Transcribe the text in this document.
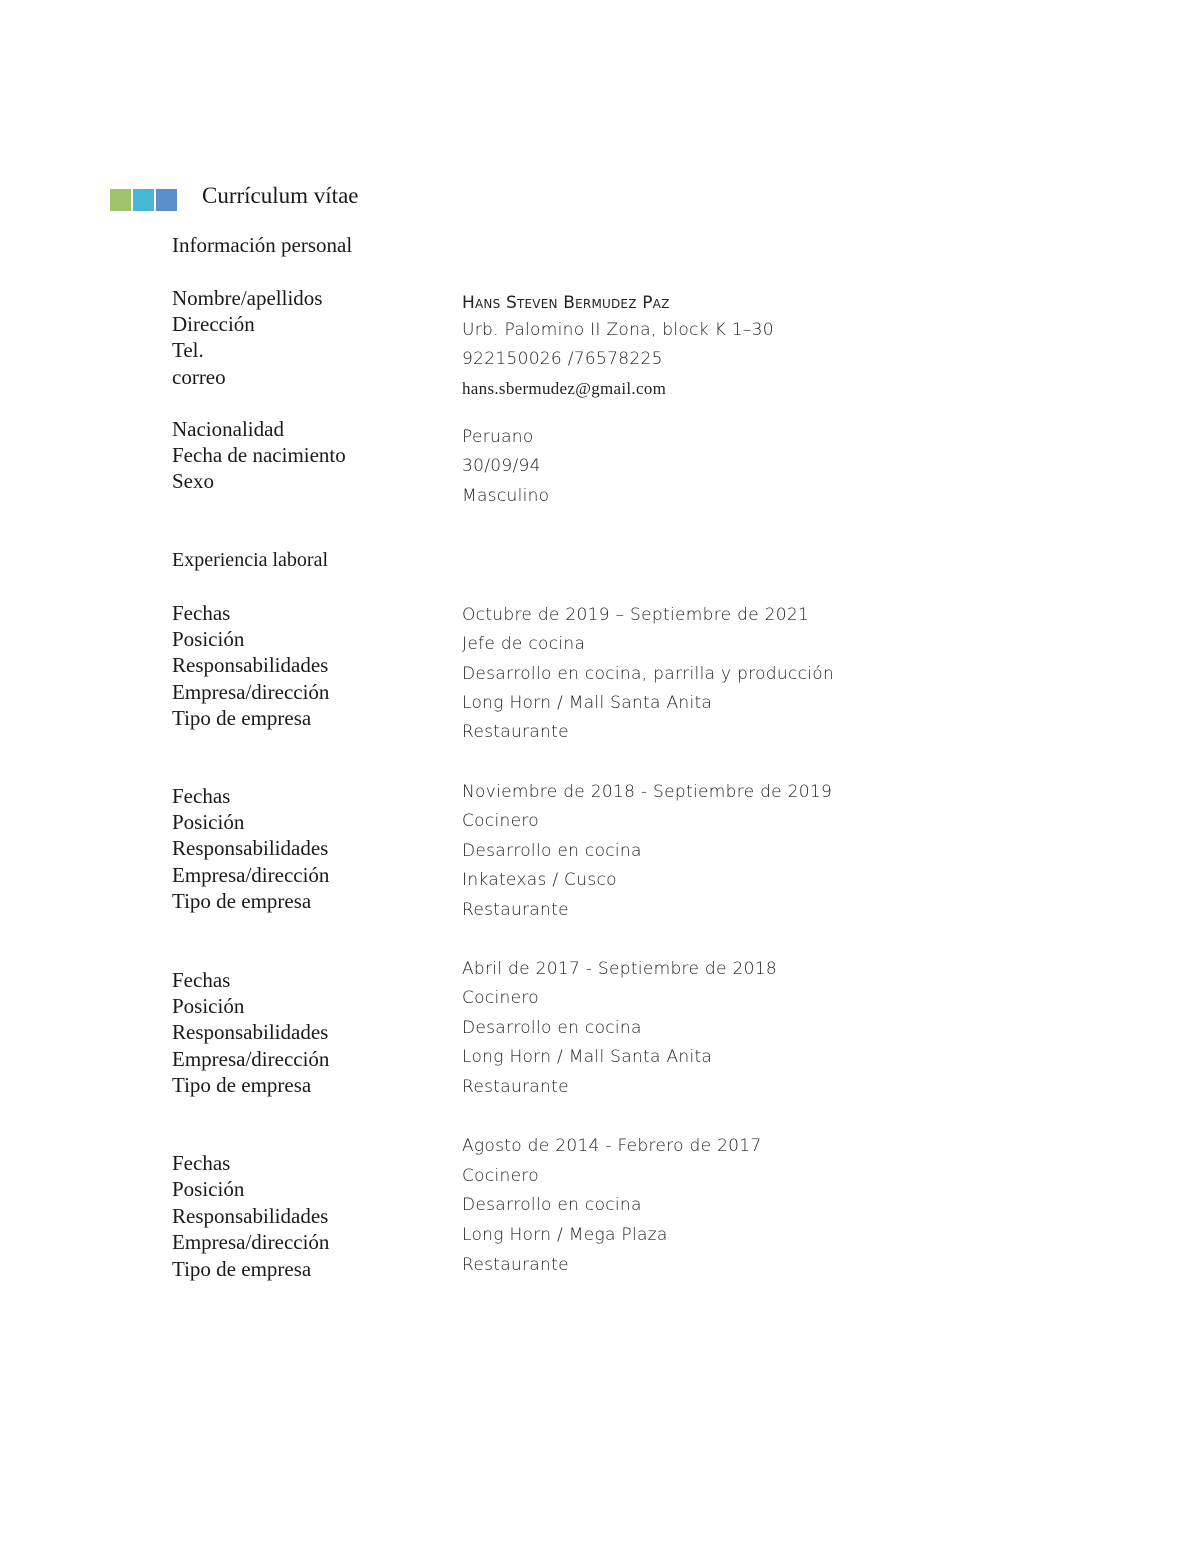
Currículum vítae
Información personal
Nombre/apellidos
Dirección
Tel.
correo
Hans Steven Bermudez Paz
Urb. Palomino II Zona, block K 1–30
922150026 /76578225
hans.sbermudez@gmail.com
Nacionalidad
Fecha de nacimiento
Sexo
Peruano
30/09/94
Masculino
Experiencia laboral
Fechas
Posición
Responsabilidades
Empresa/dirección
Tipo de empresa
Octubre de 2019 – Septiembre de 2021
Jefe de cocina
Desarrollo en cocina, parrilla y producción
Long Horn / Mall Santa Anita
Restaurante
Fechas
Posición
Responsabilidades
Empresa/dirección
Tipo de empresa
Noviembre de 2018 - Septiembre de 2019
Cocinero
Desarrollo en cocina
Inkatexas / Cusco
Restaurante
Fechas
Posición
Responsabilidades
Empresa/dirección
Tipo de empresa
Abril de 2017 - Septiembre de 2018
Cocinero
Desarrollo en cocina
Long Horn / Mall Santa Anita
Restaurante
Fechas
Posición
Responsabilidades
Empresa/dirección
Tipo de empresa
Agosto de 2014 - Febrero de 2017
Cocinero
Desarrollo en cocina
Long Horn / Mega Plaza
Restaurante
